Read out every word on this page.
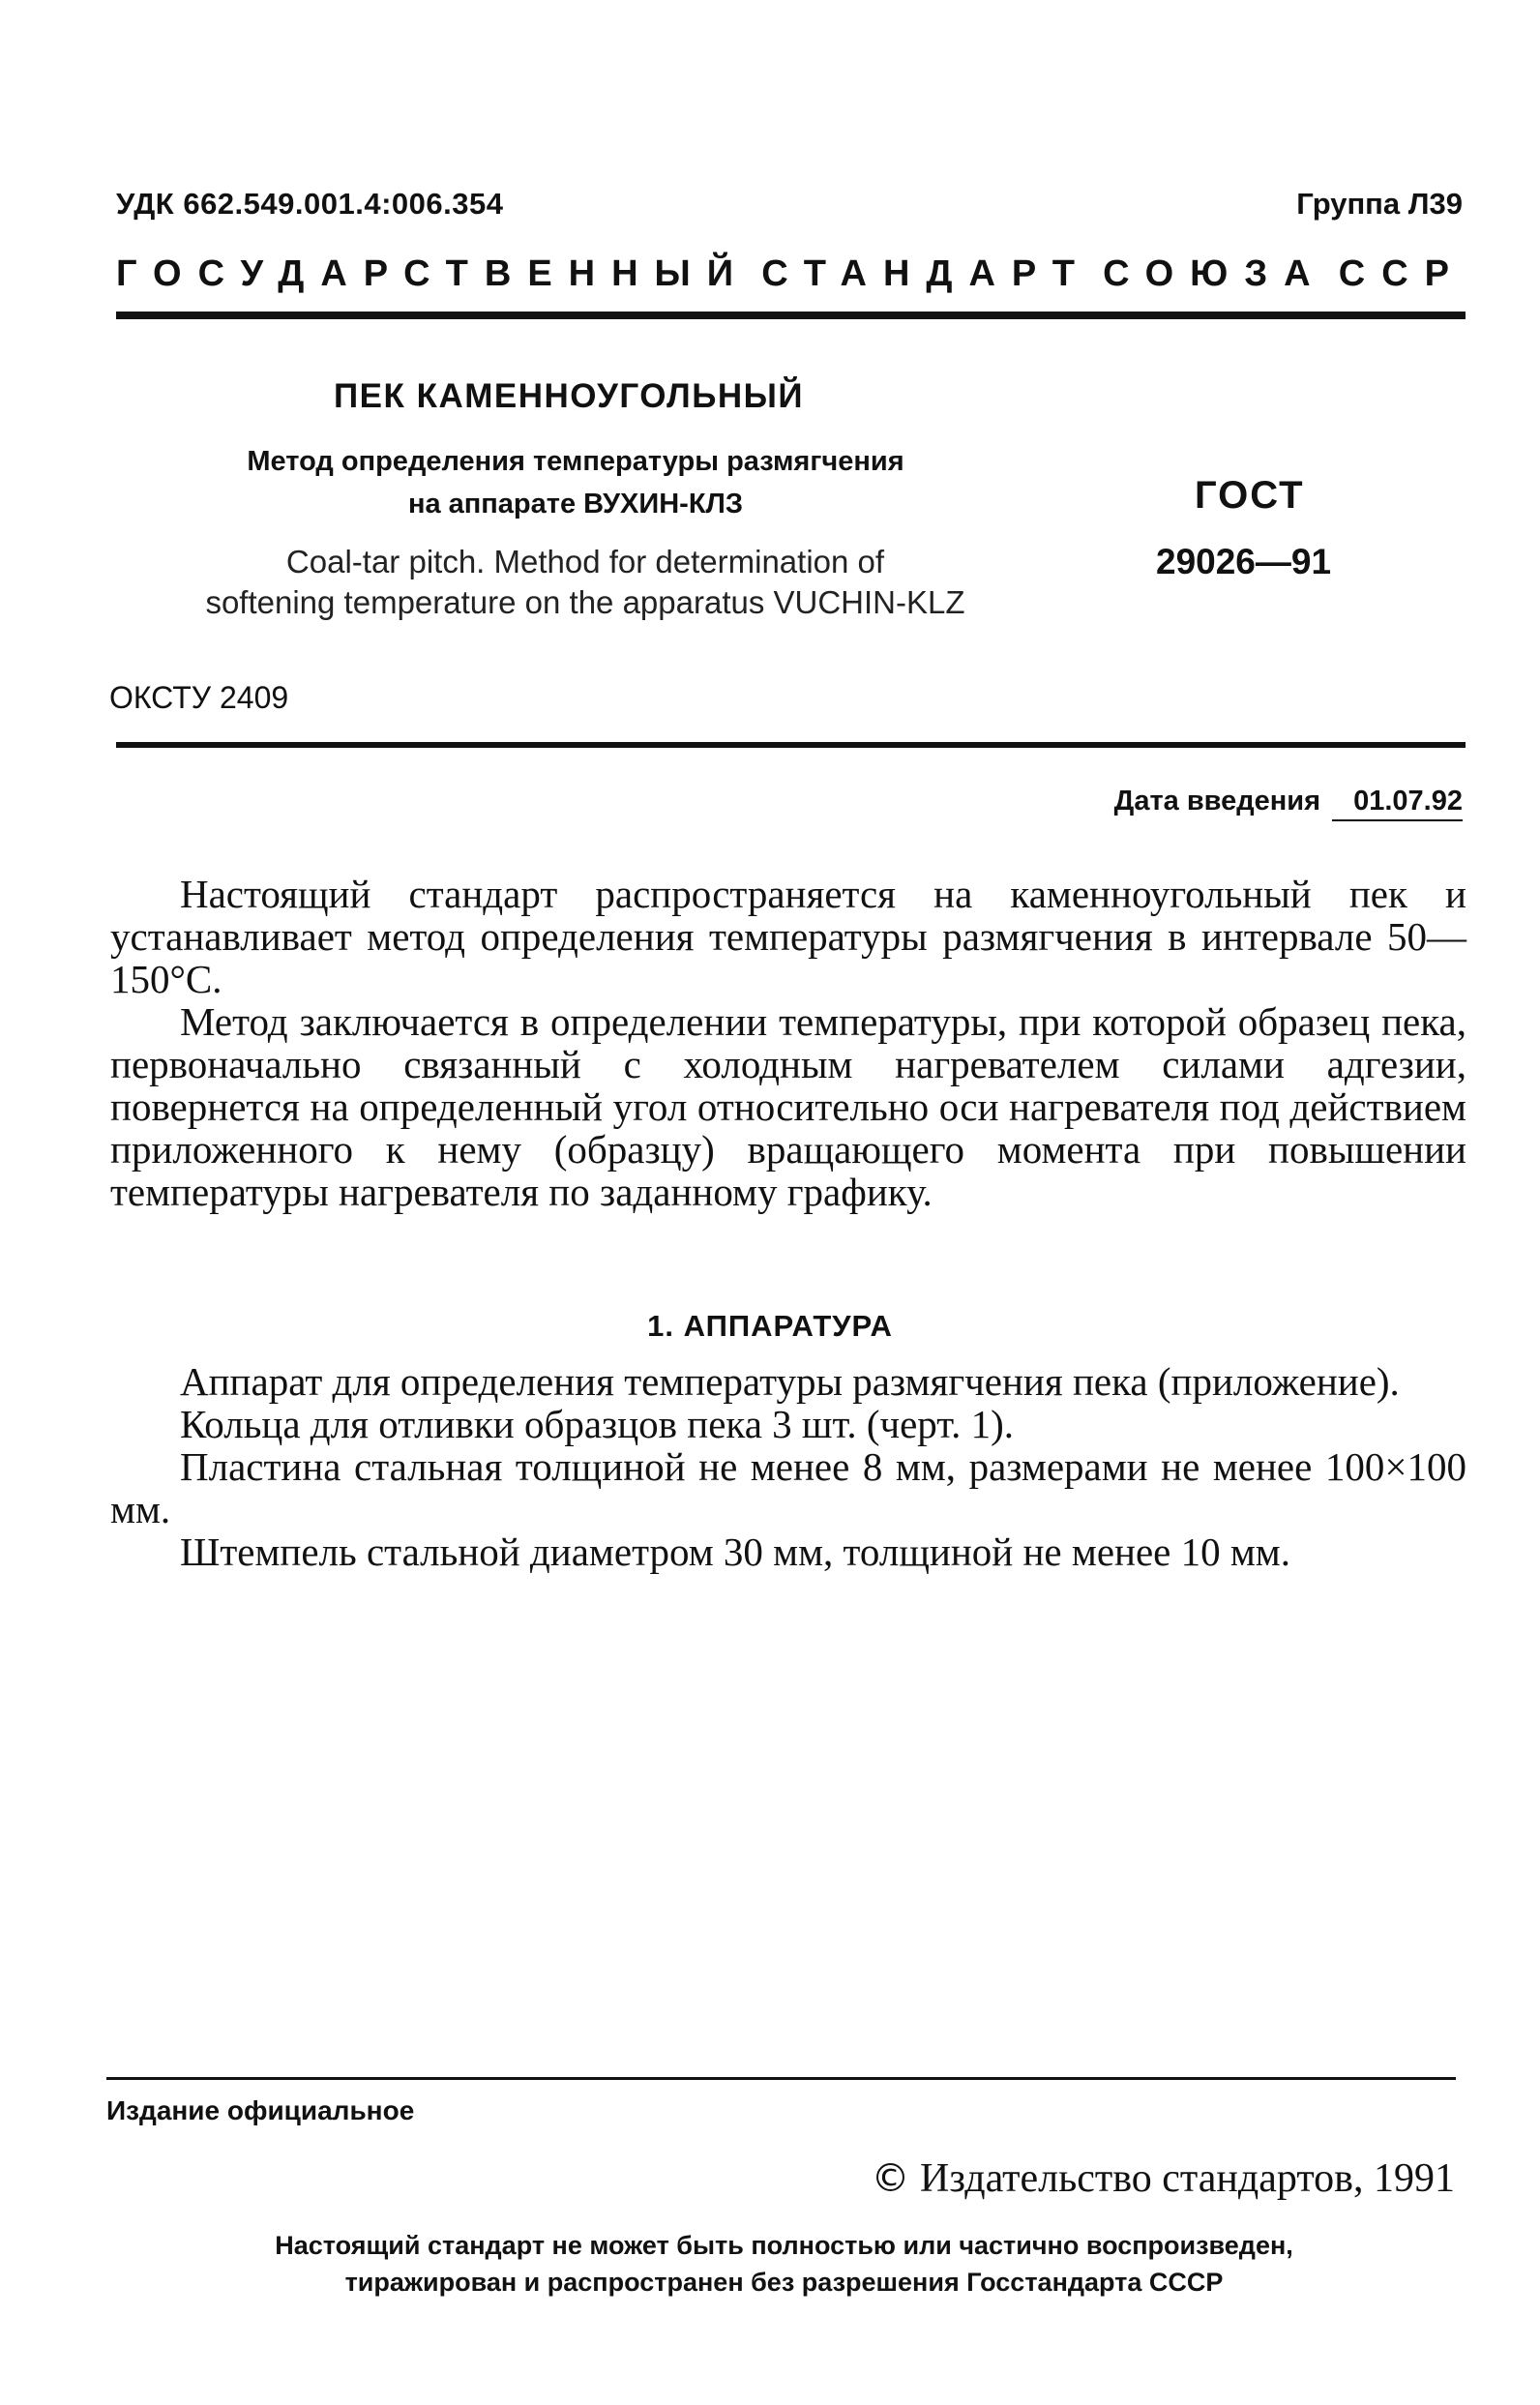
УДК 662.549.001.4:006.354	Группа Л39
ГОСУДАРСТВЕННЫЙ СТАНДАРТ СОЮЗА ССР
ПЕК КАМЕННОУГОЛЬНЫЙ
Метод определения температуры размягчения
на аппарате ВУХИН-КЛЗ
Coal-tar pitch. Method for determination of
softening temperature on the apparatus VUCHIN-KLZ
ГОСТ
29026—91
ОКСТУ 2409
Дата введения 01.07.92

Настоящий стандарт распространяется на каменноугольный пек и устанавливает метод определения температуры размягчения в интервале 50—150°С.

Метод заключается в определении температуры, при которой образец пека, первоначально связанный с холодным нагревателем силами адгезии, повернется на определенный угол относительно оси нагревателя под действием приложенного к нему (образцу) вращающего момента при повышении температуры нагревателя по заданному графику.

1. АППАРАТУРА

Аппарат для определения температуры размягчения пека (приложение).

Кольца для отливки образцов пека 3 шт. (черт. 1).

Пластина стальная толщиной не менее 8 мм, размерами не менее 100×100 мм.

Штемпель стальной диаметром 30 мм, толщиной не менее 10 мм.

Издание официальное
© Издательство стандартов, 1991
Настоящий стандарт не может быть полностью или частично воспроизведен,
тиражирован и распространен без разрешения Госстандарта СССР
